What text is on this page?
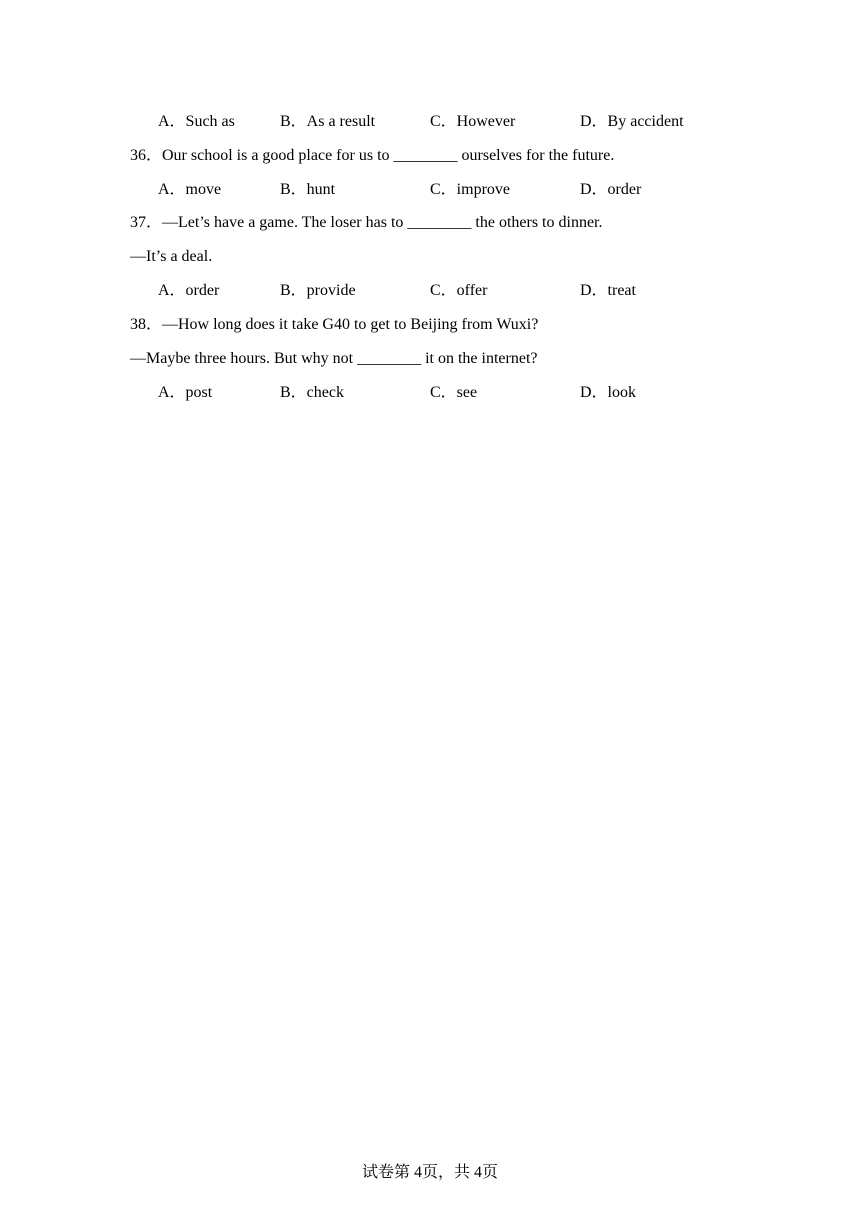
A．Such as	B．As a result	C．However	D．By accident
36．Our school is a good place for us to ________ ourselves for the future.
A．move	B．hunt	C．improve	D．order
37．—Let’s have a game. The loser has to ________ the others to dinner.
—It’s a deal.
A．order	B．provide	C．offer	D．treat
38．—How long does it take G40 to get to Beijing from Wuxi?
—Maybe three hours. But why not ________ it on the internet?
A．post	B．check	C．see	D．look
试卷第 4页，共 4页
